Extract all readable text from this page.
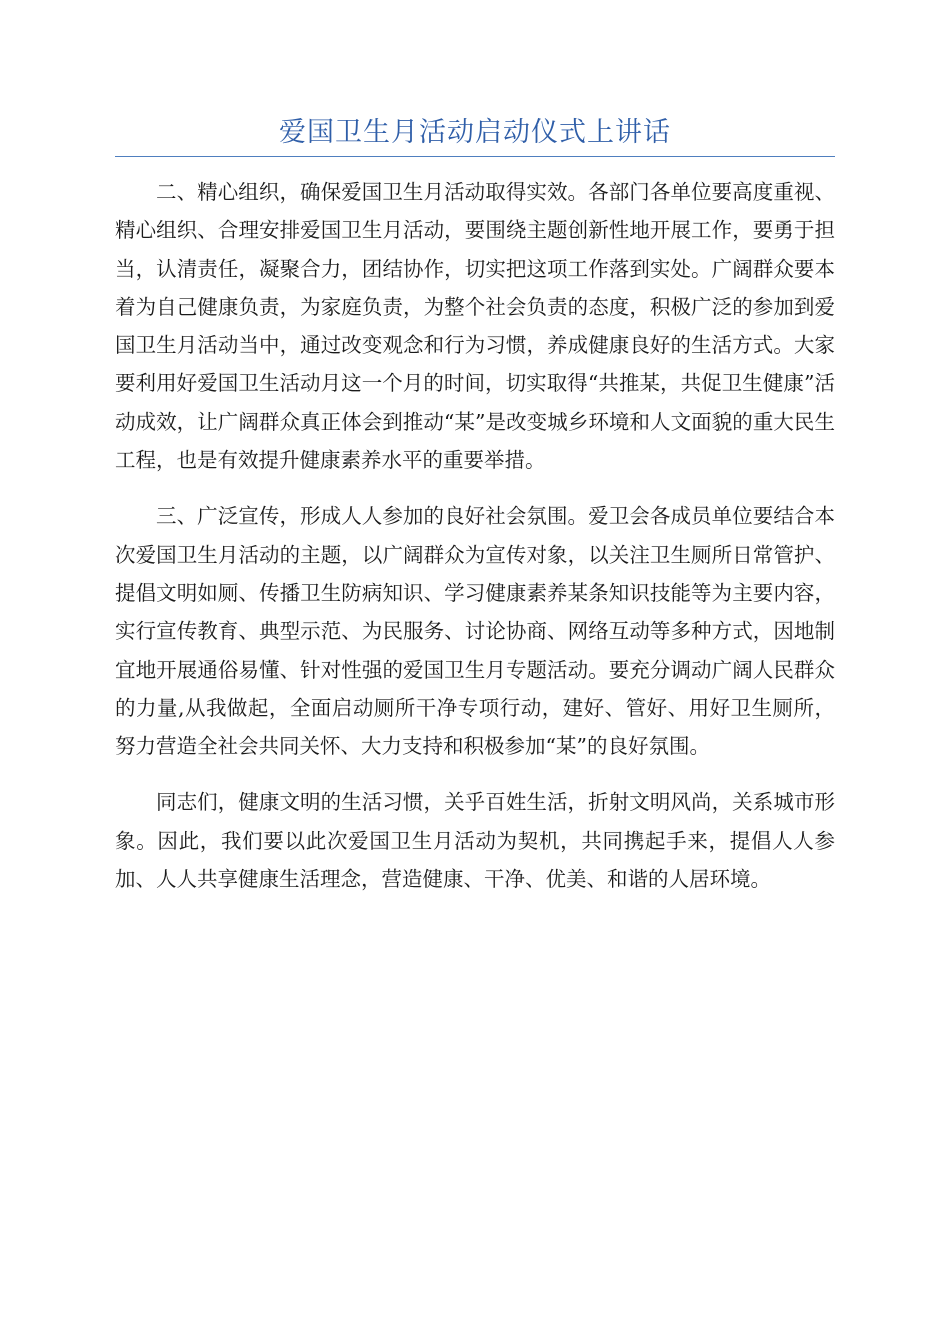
爱国卫生月活动启动仪式上讲话

二、精心组织，确保爱国卫生月活动取得实效。各部门各单位要高度重视、精心组织、合理安排爱国卫生月活动，要围绕主题创新性地开展工作，要勇于担当，认清责任，凝聚合力，团结协作，切实把这项工作落到实处。广阔群众要本着为自己健康负责，为家庭负责，为整个社会负责的态度，积极广泛的参加到爱国卫生月活动当中，通过改变观念和行为习惯，养成健康良好的生活方式。大家要利用好爱国卫生活动月这一个月的时间，切实取得“共推某，共促卫生健康”活动成效，让广阔群众真正体会到推动“某”是改变城乡环境和人文面貌的重大民生工程，也是有效提升健康素养水平的重要举措。

三、广泛宣传，形成人人参加的良好社会氛围。爱卫会各成员单位要结合本次爱国卫生月活动的主题，以广阔群众为宣传对象，以关注卫生厕所日常管护、提倡文明如厕、传播卫生防病知识、学习健康素养某条知识技能等为主要内容，实行宣传教育、典型示范、为民服务、讨论协商、网络互动等多种方式，因地制宜地开展通俗易懂、针对性强的爱国卫生月专题活动。要充分调动广阔人民群众的力量,从我做起，全面启动厕所干净专项行动，建好、管好、用好卫生厕所，努力营造全社会共同关怀、大力支持和积极参加“某”的良好氛围。

同志们，健康文明的生活习惯，关乎百姓生活，折射文明风尚，关系城市形象。因此，我们要以此次爱国卫生月活动为契机，共同携起手来，提倡人人参加、人人共享健康生活理念，营造健康、干净、优美、和谐的人居环境。
